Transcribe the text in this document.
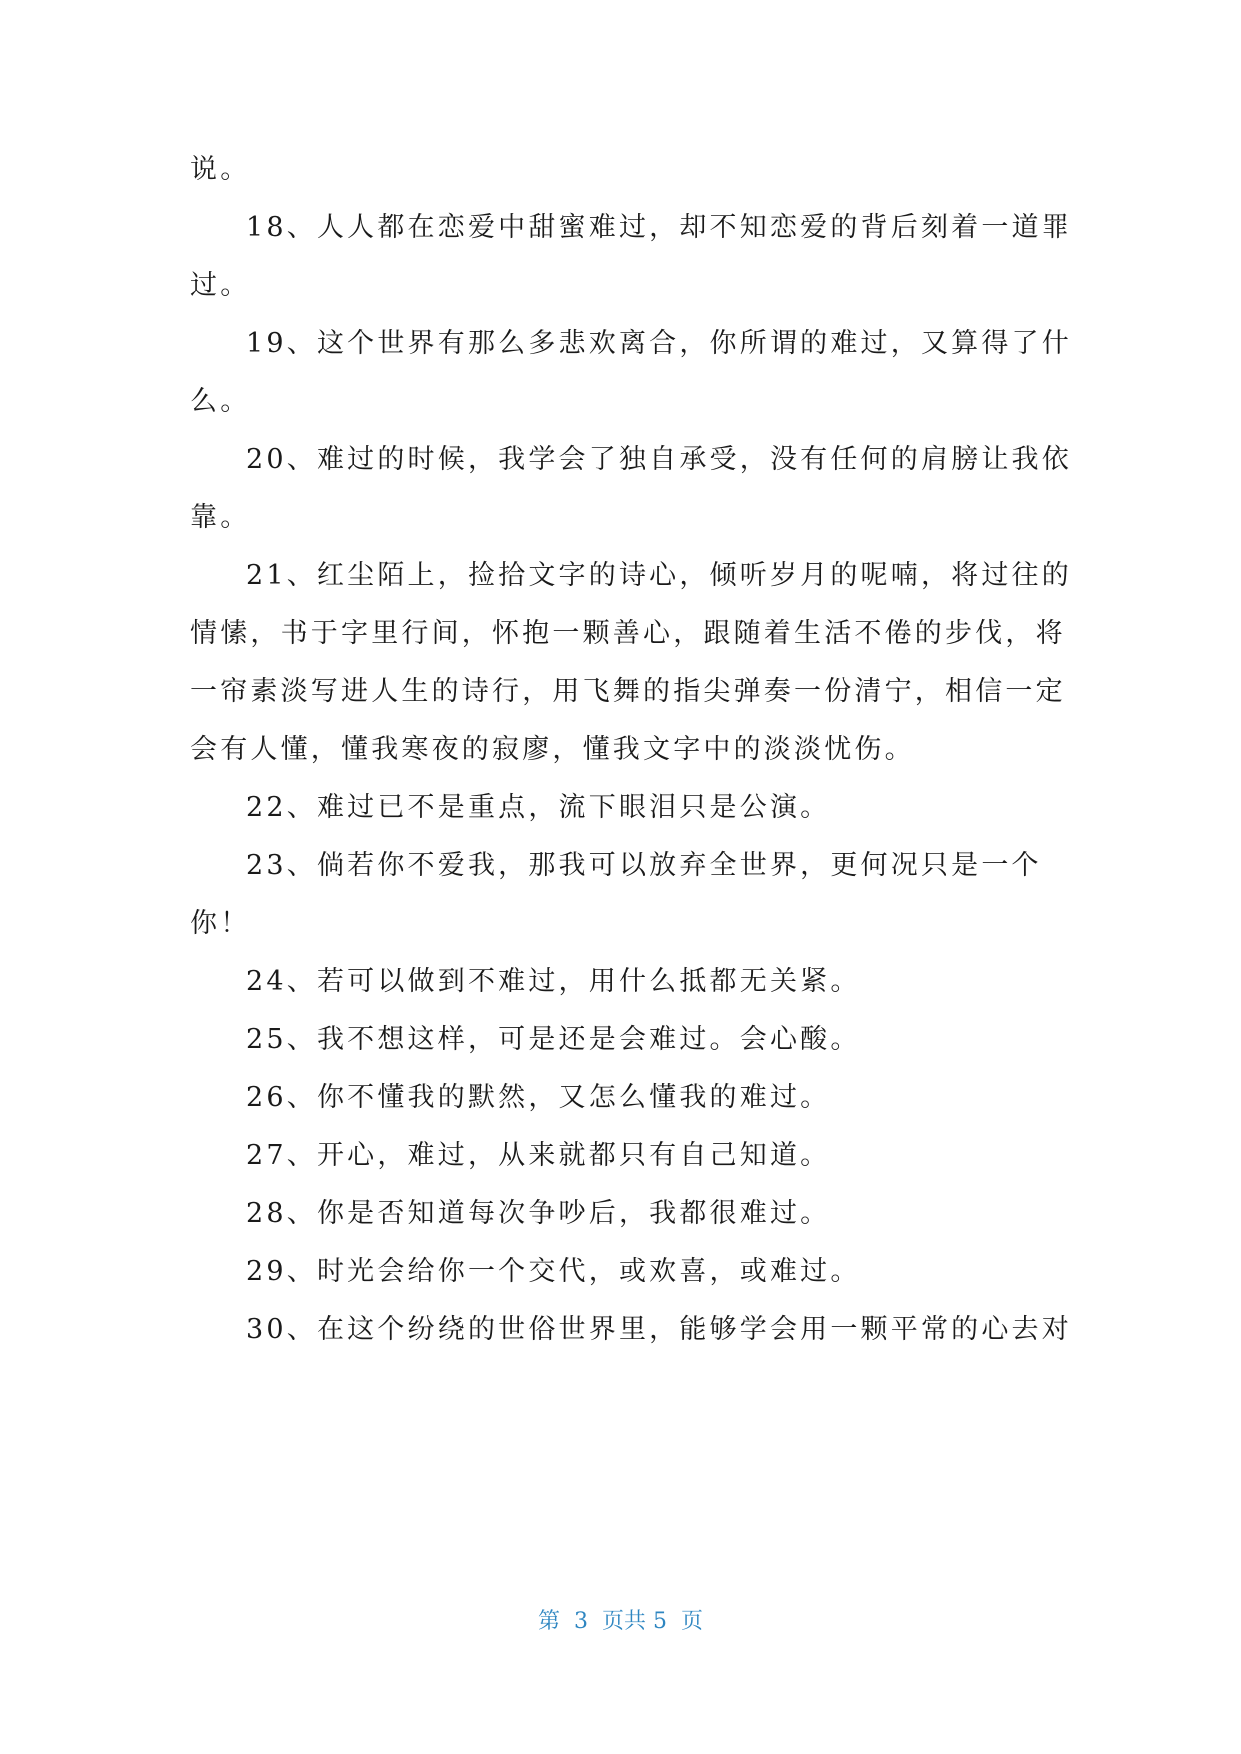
说。
18、人人都在恋爱中甜蜜难过，却不知恋爱的背后刻着一道罪
过。
19、这个世界有那么多悲欢离合，你所谓的难过，又算得了什
么。
20、难过的时候，我学会了独自承受，没有任何的肩膀让我依
靠。
21、红尘陌上，捡拾文字的诗心，倾听岁月的呢喃，将过往的
情愫，书于字里行间，怀抱一颗善心，跟随着生活不倦的步伐，将
一帘素淡写进人生的诗行，用飞舞的指尖弹奏一份清宁，相信一定
会有人懂，懂我寒夜的寂廖，懂我文字中的淡淡忧伤。
22、难过已不是重点，流下眼泪只是公演。
23、倘若你不爱我，那我可以放弃全世界，更何况只是一个
你！
24、若可以做到不难过，用什么抵都无关紧。
25、我不想这样，可是还是会难过。会心酸。
26、你不懂我的默然，又怎么懂我的难过。
27、开心，难过，从来就都只有自己知道。
28、你是否知道每次争吵后，我都很难过。
29、时光会给你一个交代，或欢喜，或难过。
30、在这个纷绕的世俗世界里，能够学会用一颗平常的心去对
第  3  页共 5  页
